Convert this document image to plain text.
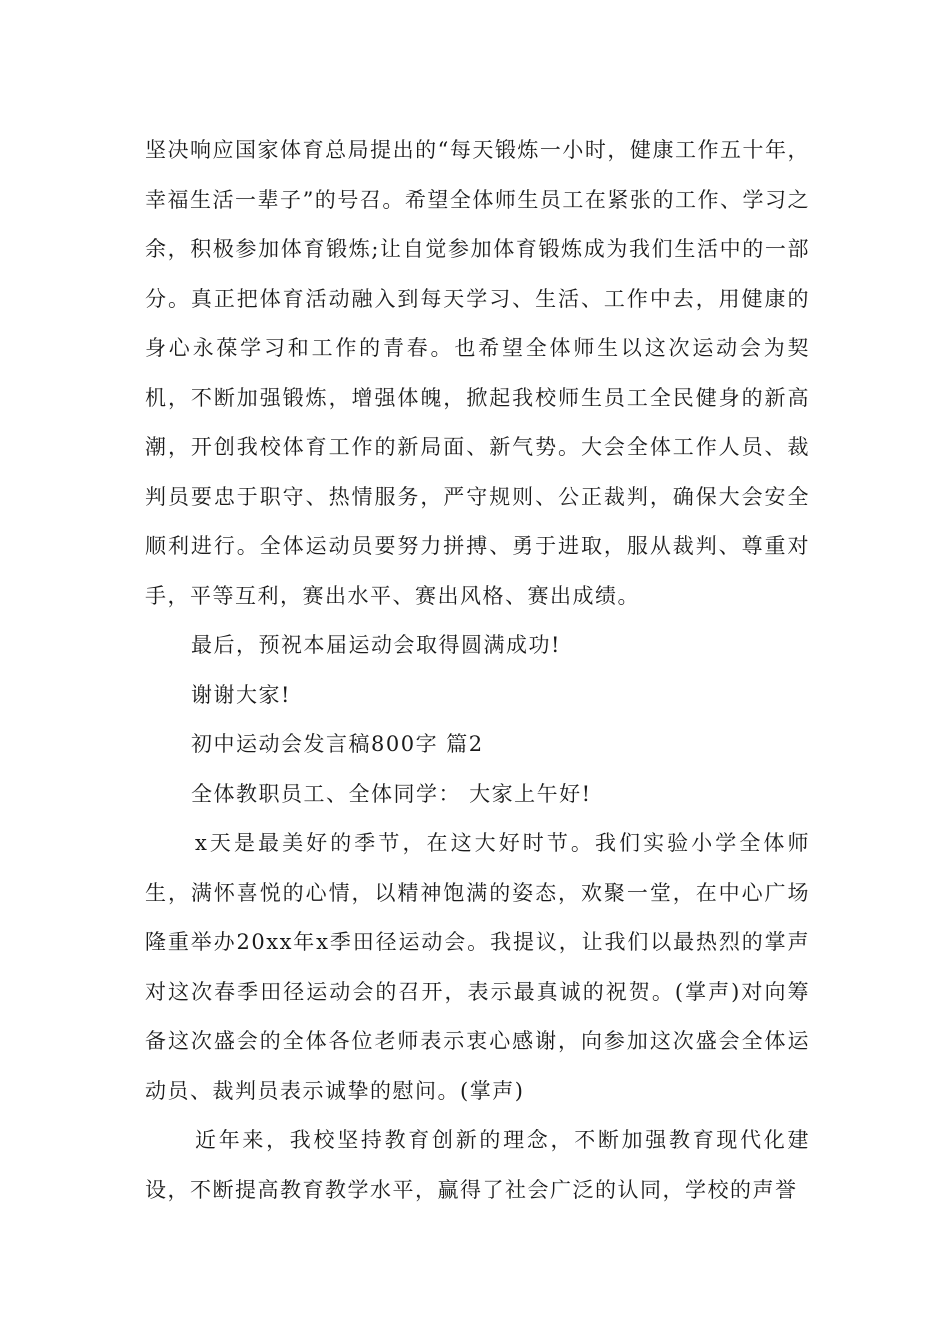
坚决响应国家体育总局提出的“每天锻炼一小时，健康工作五十年，幸福生活一辈子”的号召。希望全体师生员工在紧张的工作、学习之余，积极参加体育锻炼;让自觉参加体育锻炼成为我们生活中的一部分。真正把体育活动融入到每天学习、生活、工作中去，用健康的身心永葆学习和工作的青春。也希望全体师生以这次运动会为契机，不断加强锻炼，增强体魄，掀起我校师生员工全民健身的新高潮，开创我校体育工作的新局面、新气势。大会全体工作人员、裁判员要忠于职守、热情服务，严守规则、公正裁判，确保大会安全顺利进行。全体运动员要努力拼搏、勇于进取，服从裁判、尊重对手，平等互利，赛出水平、赛出风格、赛出成绩。

最后，预祝本届运动会取得圆满成功!

谢谢大家!

初中运动会发言稿800字 篇2

全体教职员工、全体同学： 大家上午好!

x天是最美好的季节，在这大好时节。我们实验小学全体师生，满怀喜悦的心情，以精神饱满的姿态，欢聚一堂，在中心广场隆重举办20xx年x季田径运动会。我提议，让我们以最热烈的掌声对这次春季田径运动会的召开，表示最真诚的祝贺。(掌声)对向筹备这次盛会的全体各位老师表示衷心感谢，向参加这次盛会全体运动员、裁判员表示诚挚的慰问。(掌声)

近年来，我校坚持教育创新的理念，不断加强教育现代化建设，不断提高教育教学水平，赢得了社会广泛的认同，学校的声誉
